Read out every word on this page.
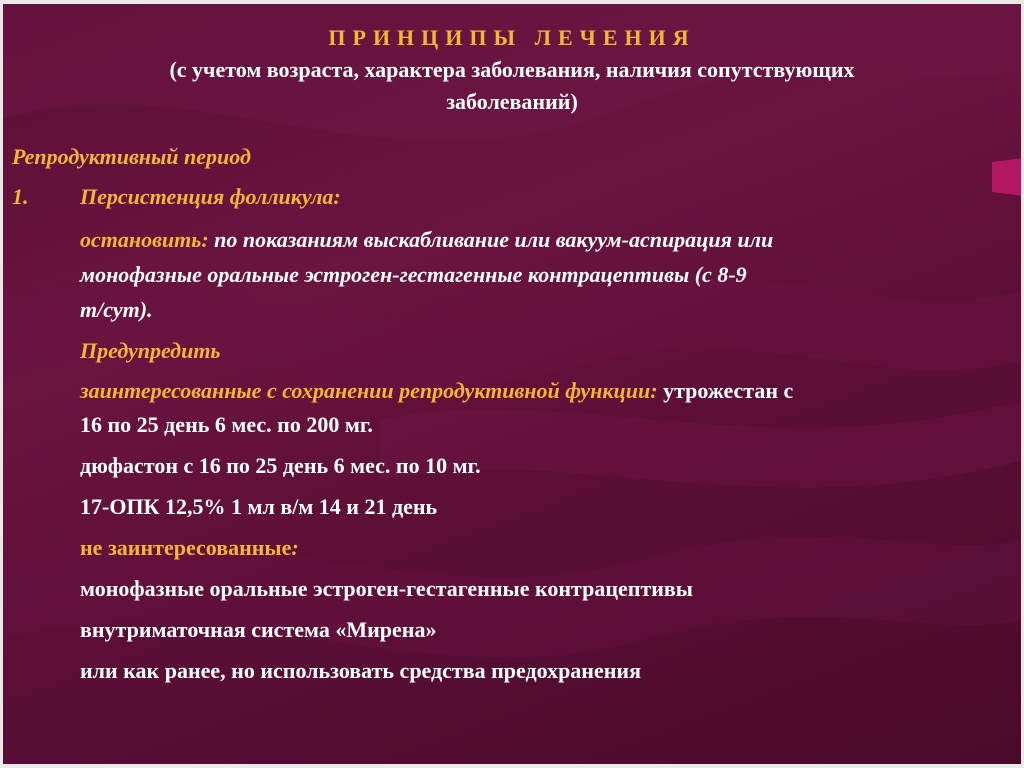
ПРИНЦИПЫ ЛЕЧЕНИЯ
(с учетом возраста, характера заболевания, наличия сопутствующих
заболеваний)
Репродуктивный период
1. Персистенция фолликула:
остановить: по показаниям выскабливание или вакуум-аспирация или
монофазные оральные эстроген-гестагенные контрацептивы (с 8-9
т/сут).
Предупредить
заинтересованные с сохранении репродуктивной функции: утрожестан с
16 по 25 день 6 мес. по 200 мг.
дюфастон с 16 по 25 день 6 мес. по 10 мг.
17-ОПК 12,5% 1 мл в/м 14 и 21 день
не заинтересованные:
монофазные оральные эстроген-гестагенные контрацептивы
внутриматочная система «Мирена»
или как ранее, но использовать средства предохранения
